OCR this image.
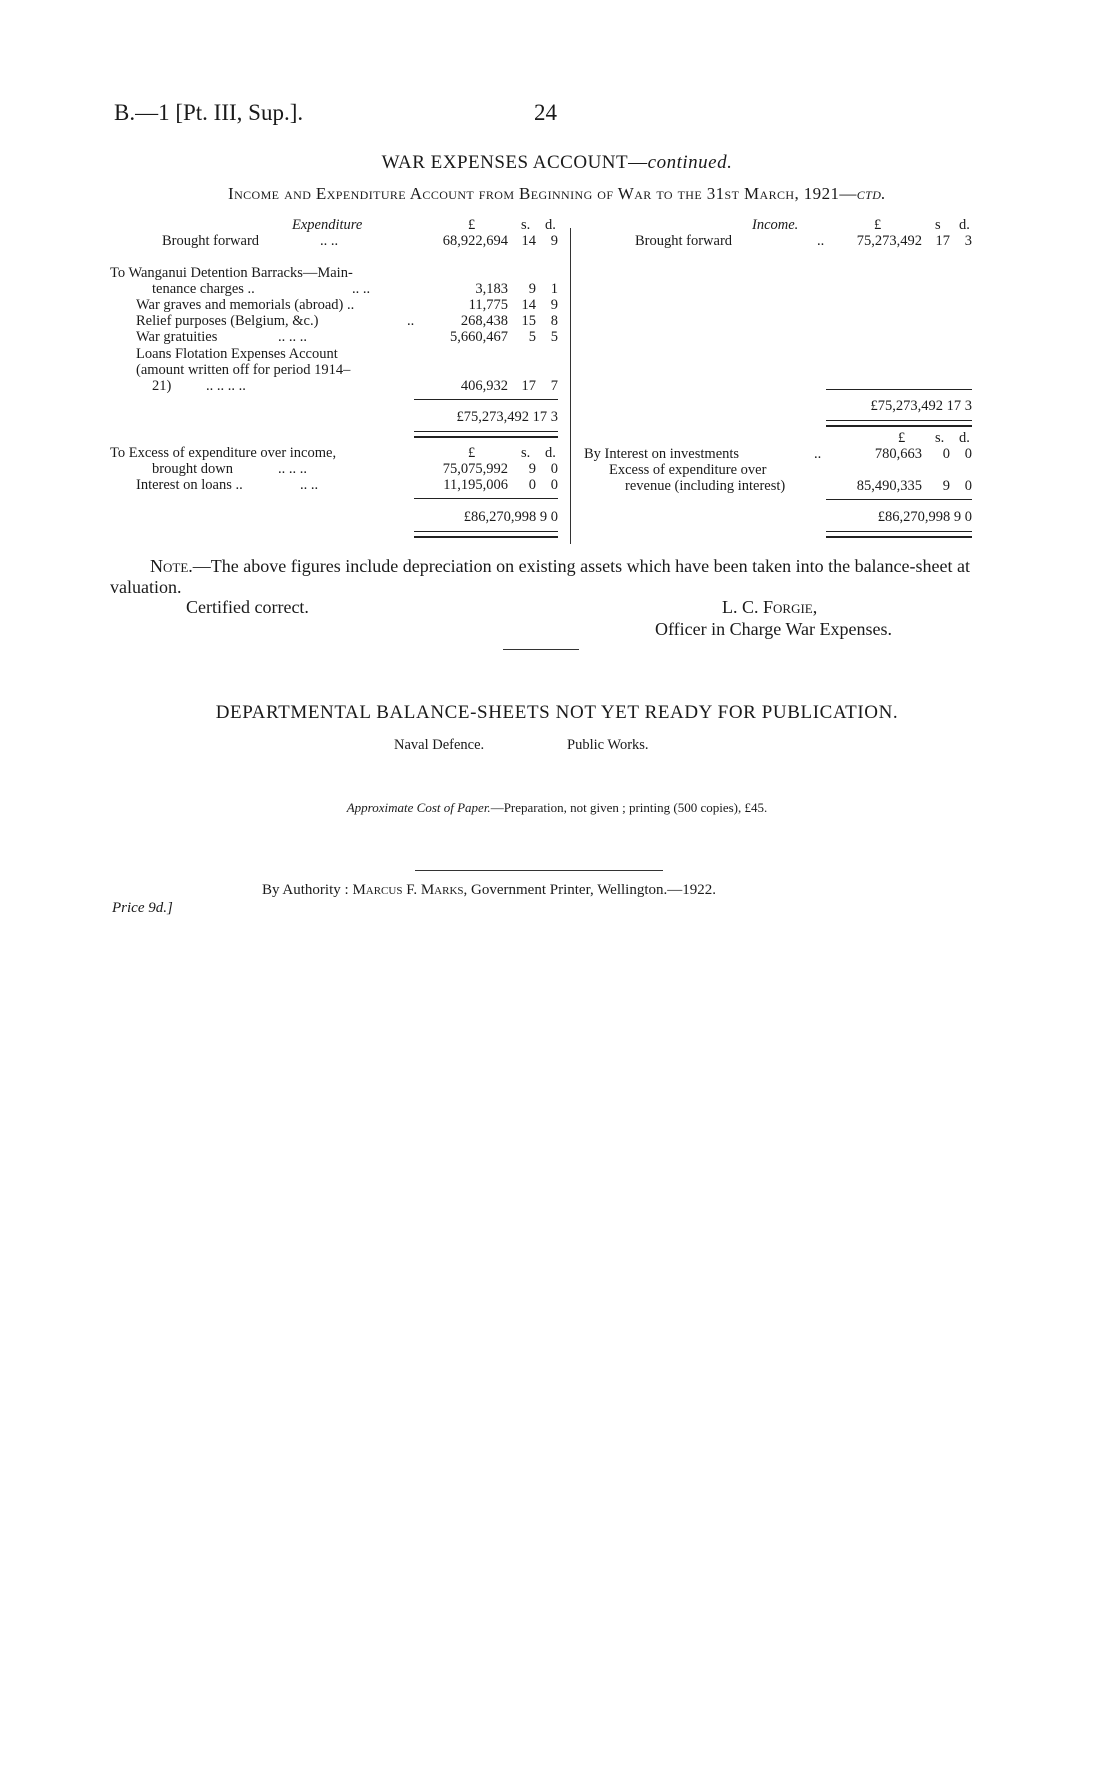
B.—1 [Pt. III, Sup.].	24
WAR EXPENSES ACCOUNT—continued.
Income and Expenditure Account from Beginning of War to the 31st March, 1921—ctd.
Expenditure	£	s. d.
Brought forward	.. ..	68,922,694 14	9
To Wanganui Detention Barracks—Main-
tenance charges ..	.. ..	3,183	9	1
War graves and memorials (abroad) ..	11,775 14	9
Relief purposes (Belgium, &c.)	..	268,438 15	8
War gratuities	.. .. ..	5,660,467	5	5
Loans Flotation Expenses Account
(amount written off for period 1914–
21) .. .. .. ..	406,932 17	7
£75,273,492 17 3
To Excess of expenditure over income,	£	s. d.
brought down	.. .. ..	75,075,992	9	0
Interest on loans ..	.. ..	11,195,006	0	0
£86,270,998 9 0
Income.	£	s d.
Brought forward	..	75,273,492 17	3
£75,273,492 17 3
£ s. d.
By Interest on investments	..	780,663	0	0
Excess of expenditure over
revenue (including interest)	85,490,335	9	0
£86,270,998 9 0
Note.—The above figures include depreciation on existing assets which have been taken into the balance-sheet at valuation.
Certified correct.	L. C. Forgie,
Officer in Charge War Expenses.
DEPARTMENTAL BALANCE-SHEETS NOT YET READY FOR PUBLICATION.
Naval Defence.	Public Works.
Approximate Cost of Paper.—Preparation, not given ; printing (500 copies), £45.
By Authority : Marcus F. Marks, Government Printer, Wellington.—1922.
Price 9d.]
